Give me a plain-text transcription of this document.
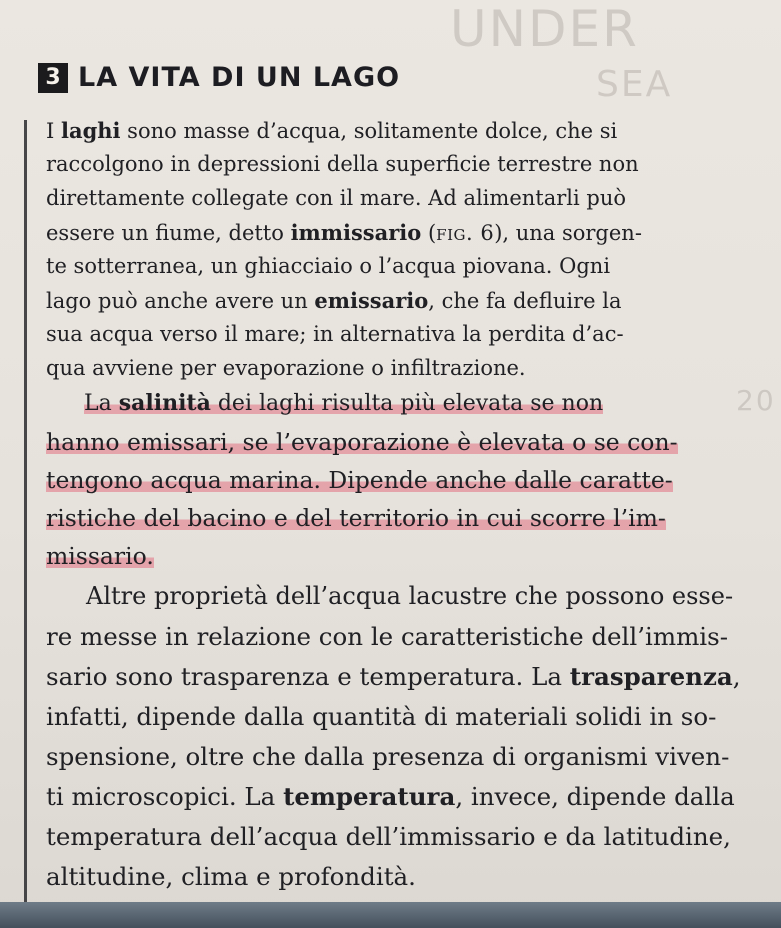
UNDER
SEA
20
3 LA VITA DI UN LAGO
I laghi sono masse d’acqua, solitamente dolce, che si
raccolgono in depressioni della superficie terrestre non
direttamente collegate con il mare. Ad alimentarli può
essere un fiume, detto immissario (fig. 6), una sorgen-
te sotterranea, un ghiacciaio o l’acqua piovana. Ogni
lago può anche avere un emissario, che fa defluire la
sua acqua verso il mare; in alternativa la perdita d’ac-
qua avviene per evaporazione o infiltrazione.
La salinità dei laghi risulta più elevata se non
hanno emissari, se l’evaporazione è elevata o se con-
tengono acqua marina. Dipende anche dalle caratte-
ristiche del bacino e del territorio in cui scorre l’im-
missario.
Altre proprietà dell’acqua lacustre che possono esse-
re messe in relazione con le caratteristiche dell’immis-
sario sono trasparenza e temperatura. La trasparenza,
infatti, dipende dalla quantità di materiali solidi in so-
spensione, oltre che dalla presenza di organismi viven-
ti microscopici. La temperatura, invece, dipende dalla
temperatura dell’acqua dell’immissario e da latitudine,
altitudine, clima e profondità.
